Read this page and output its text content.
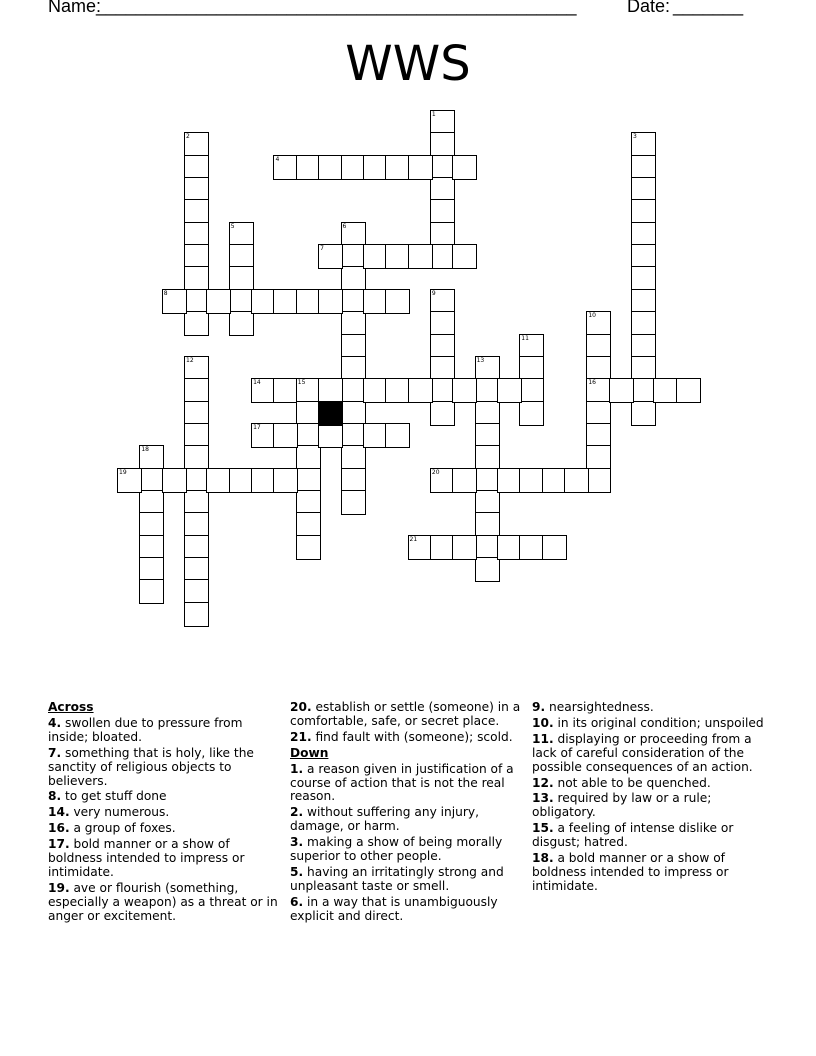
Name:
________________________________________________	Date: _______
WWS
1
2	3
4
5	6
7
8	9
10
16
11
12	13
14	15
17
18
19	20
21
Across
4. swollen due to pressure from inside; bloated.
7. something that is holy, like the sanctity of religious objects to believers.
8. to get stuff done
14. very numerous.
16. a group of foxes.
17. bold manner or a show of boldness intended to impress or intimidate.
19. ave or flourish (something, especially a weapon) as a threat or in anger or excitement.
20. establish or settle (someone) in a comfortable, safe, or secret place.
21. find fault with (someone); scold.
Down
1. a reason given in justification of a course of action that is not the real reason.
2. without suffering any injury, damage, or harm.
3. making a show of being morally superior to other people.
5. having an irritatingly strong and unpleasant taste or smell.
6. in a way that is unambiguously explicit and direct.
9. nearsightedness.
10. in its original condition; unspoiled
11. displaying or proceeding from a lack of careful consideration of the possible consequences of an action.
12. not able to be quenched.
13. required by law or a rule; obligatory.
15. a feeling of intense dislike or disgust; hatred.
18. a bold manner or a show of boldness intended to impress or intimidate.
